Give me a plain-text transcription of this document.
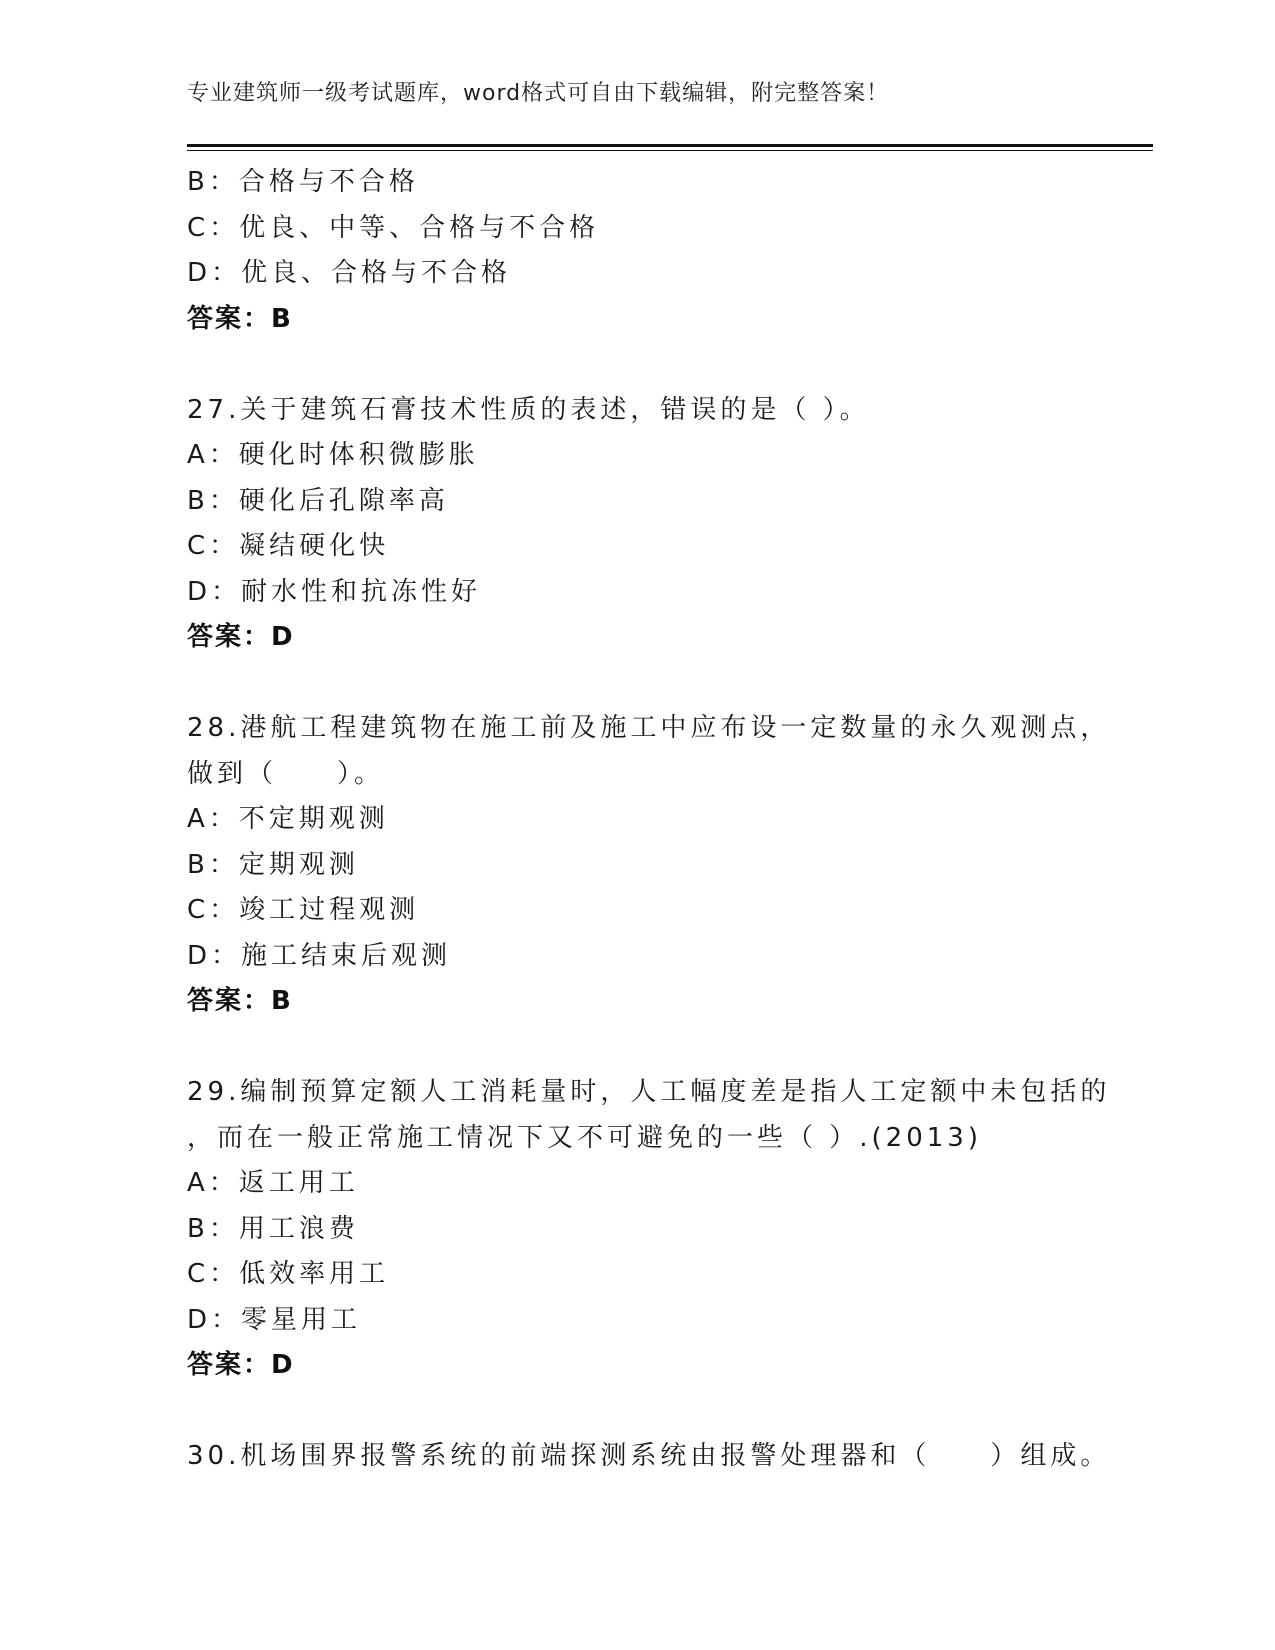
专业建筑师一级考试题库，word格式可自由下载编辑，附完整答案！
B：合格与不合格
C：优良、中等、合格与不合格
D：优良、合格与不合格
答案：B
27.关于建筑石膏技术性质的表述，错误的是（ ）。
A：硬化时体积微膨胀
B：硬化后孔隙率高
C：凝结硬化快
D：耐水性和抗冻性好
答案：D
28.港航工程建筑物在施工前及施工中应布设一定数量的永久观测点，
做到（　　）。
A：不定期观测
B：定期观测
C：竣工过程观测
D：施工结束后观测
答案：B
29.编制预算定额人工消耗量时，人工幅度差是指人工定额中未包括的
，而在一般正常施工情况下又不可避免的一些（ ）.(2013)
A：返工用工
B：用工浪费
C：低效率用工
D：零星用工
答案：D
30.机场围界报警系统的前端探测系统由报警处理器和（　　）组成。
